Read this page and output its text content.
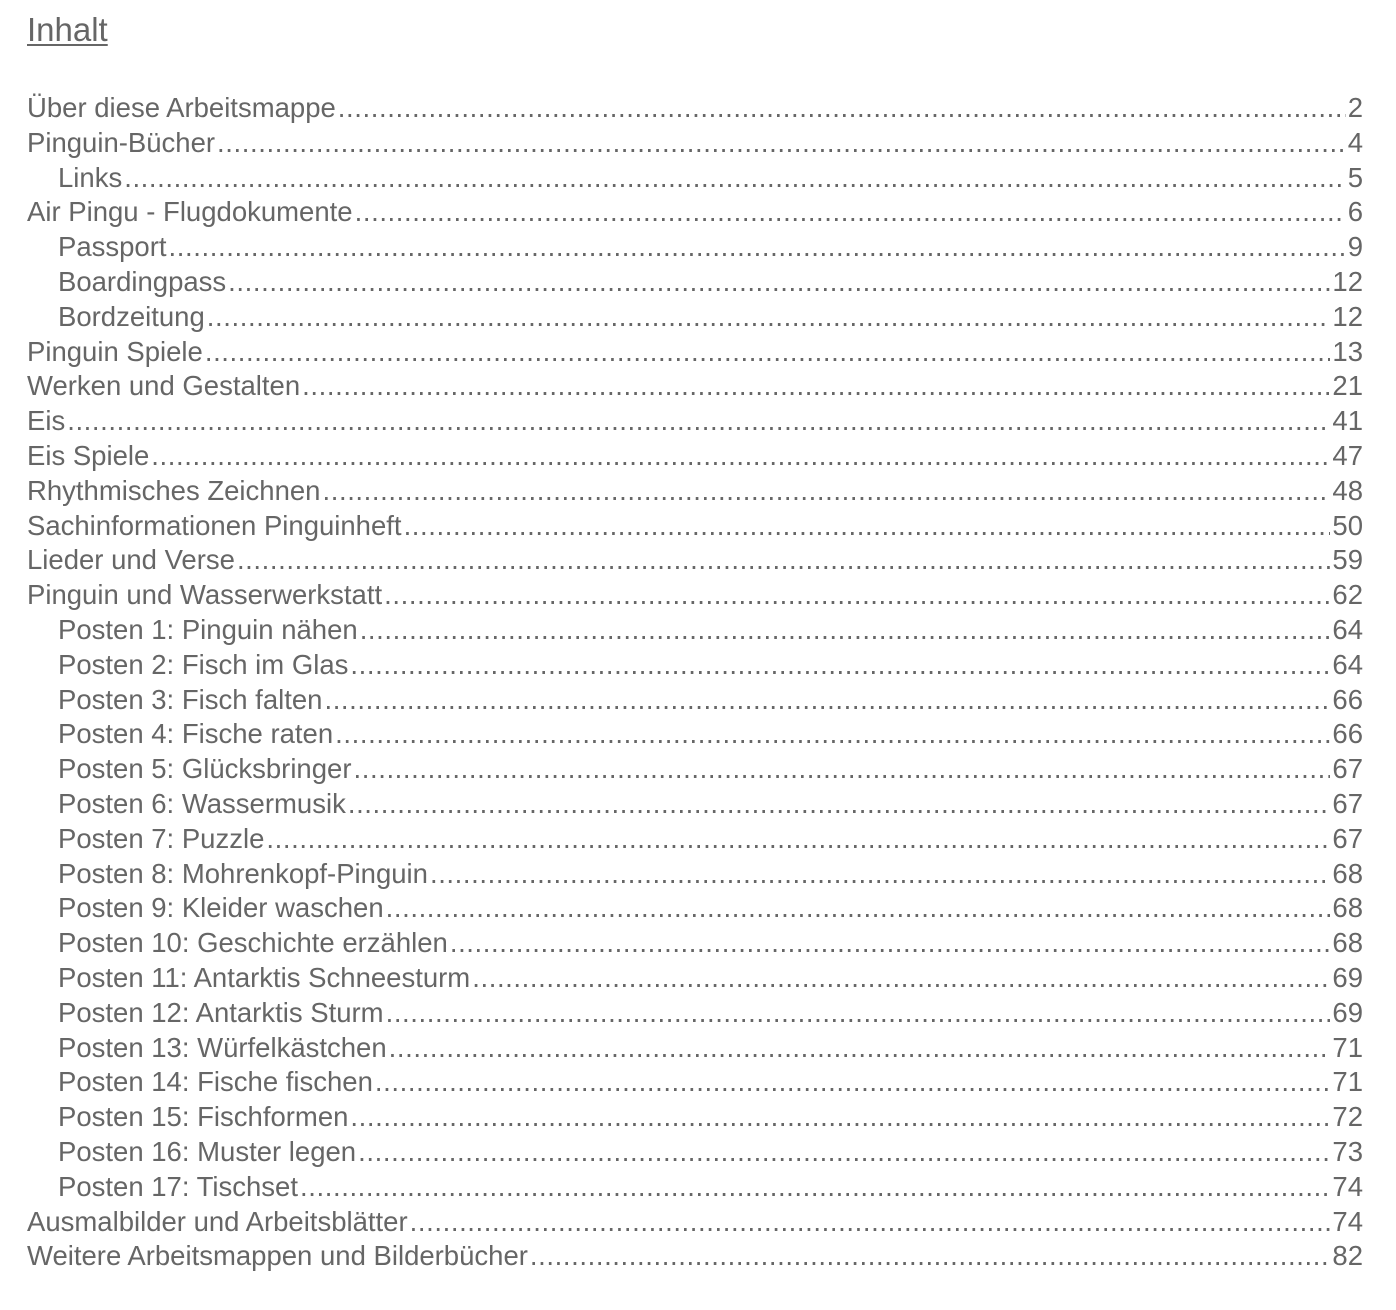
Inhalt
Über diese Arbeitsmappe .....	2
Pinguin-Bücher .....	4
Links .....	5
Air Pingu - Flugdokumente .....	6
Passport .....	9
Boardingpass .....	12
Bordzeitung .....	12
Pinguin Spiele .....	13
Werken und Gestalten .....	21
Eis .....	41
Eis Spiele .....	47
Rhythmisches Zeichnen .....	48
Sachinformationen Pinguinheft .....	50
Lieder und Verse .....	59
Pinguin und Wasserwerkstatt .....	62
Posten 1: Pinguin nähen .....	64
Posten 2: Fisch im Glas .....	64
Posten 3: Fisch falten .....	66
Posten 4: Fische raten .....	66
Posten 5: Glücksbringer .....	67
Posten 6: Wassermusik .....	67
Posten 7: Puzzle .....	67
Posten 8: Mohrenkopf-Pinguin .....	68
Posten 9: Kleider waschen .....	68
Posten 10: Geschichte erzählen .....	68
Posten 11: Antarktis Schneesturm .....	69
Posten 12: Antarktis Sturm .....	69
Posten 13: Würfelkästchen .....	71
Posten 14: Fische fischen .....	71
Posten 15: Fischformen .....	72
Posten 16: Muster legen .....	73
Posten 17: Tischset .....	74
Ausmalbilder und Arbeitsblätter .....	74
Weitere Arbeitsmappen und Bilderbücher .....	82
